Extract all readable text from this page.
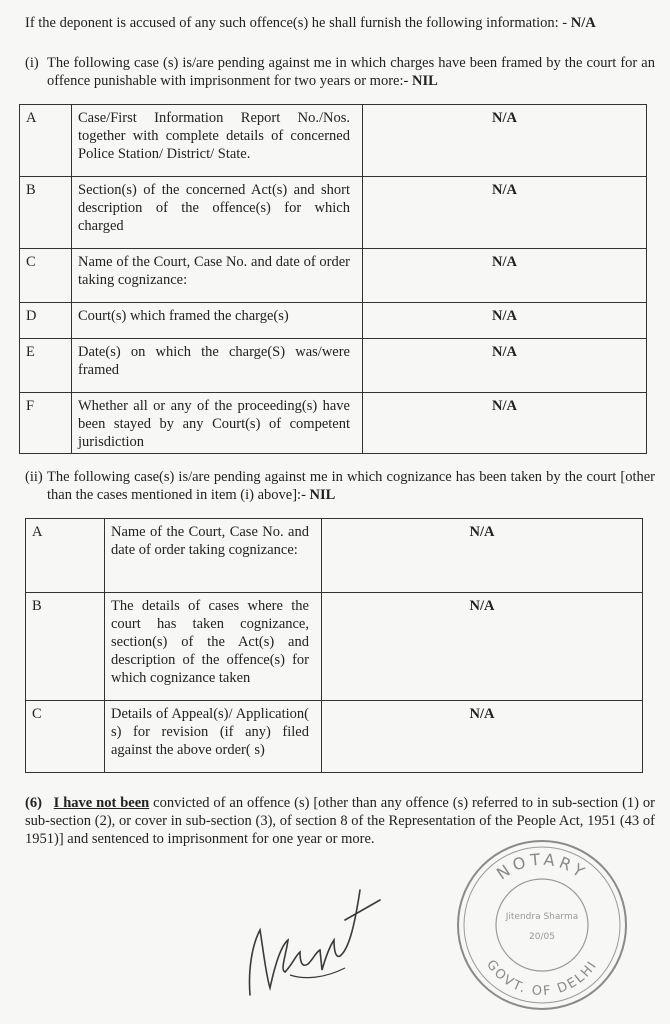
If the deponent is accused of any such offence(s) he shall furnish the following information: - N/A
(i) The following case (s) is/are pending against me in which charges have been framed by the court for an offence punishable with imprisonment for two years or more:- NIL
A	Case/First Information Report No./Nos. together with complete details of concerned Police Station/ District/ State.	N/A
B	Section(s) of the concerned Act(s) and short description of the offence(s) for which charged	N/A
C	Name of the Court, Case No. and date of order taking cognizance:	N/A
D	Court(s) which framed the charge(s)	N/A
E	Date(s) on which the charge(S) was/were framed	N/A
F	Whether all or any of the proceeding(s) have been stayed by any Court(s) of competent jurisdiction	N/A
(ii) The following case(s) is/are pending against me in which cognizance has been taken by the court [other than the cases mentioned in item (i) above]:- NIL
A	Name of the Court, Case No. and date of order taking cognizance:	N/A
B	The details of cases where the court has taken cognizance, section(s) of the Act(s) and description of the offence(s) for which cognizance taken	N/A
C	Details of Appeal(s)/ Application( s) for revision (if any) filed against the above order( s)	N/A
(6) I have not been convicted of an offence (s) [other than any offence (s) referred to in sub-section (1) or sub-section (2), or cover in sub-section (3), of section 8 of the Representation of the People Act, 1951 (43 of 1951)] and sentenced to imprisonment for one year or more.
NOTARY
GOVT. OF DELHI
Jitendra Sharma
20/05
